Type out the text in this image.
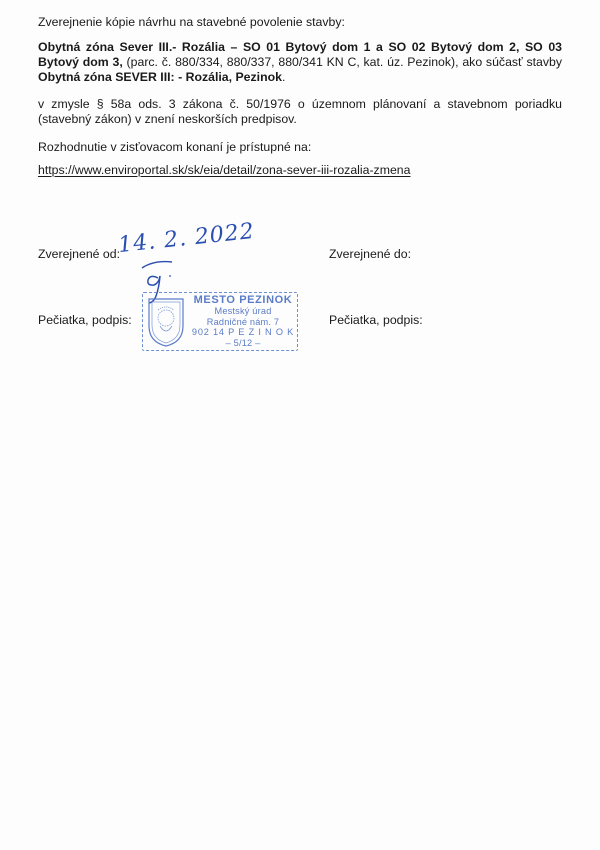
Zverejnenie kópie návrhu na stavebné povolenie stavby:
Obytná zóna Sever III.- Rozália – SO 01 Bytový dom 1 a SO 02 Bytový dom 2, SO 03 Bytový dom 3, (parc. č. 880/334, 880/337, 880/341 KN C, kat. úz. Pezinok), ako súčasť stavby Obytná zóna SEVER III: - Rozália, Pezinok.
v zmysle § 58a ods. 3 zákona č. 50/1976 o územnom plánovaní a stavebnom poriadku (stavebný zákon) v znení neskorších predpisov.
Rozhodnutie v zisťovacom konaní je prístupné na:
https://www.enviroportal.sk/sk/eia/detail/zona-sever-iii-rozalia-zmena
Zverejnené od:
14. 2. 2022	Zverejnené do:
Pečiatka, podpis:	Pečiatka, podpis:
MESTO PEZINOK
Mestský úrad
Radničné nám. 7
902 14 P E Z I N O K
– 5/12 –
